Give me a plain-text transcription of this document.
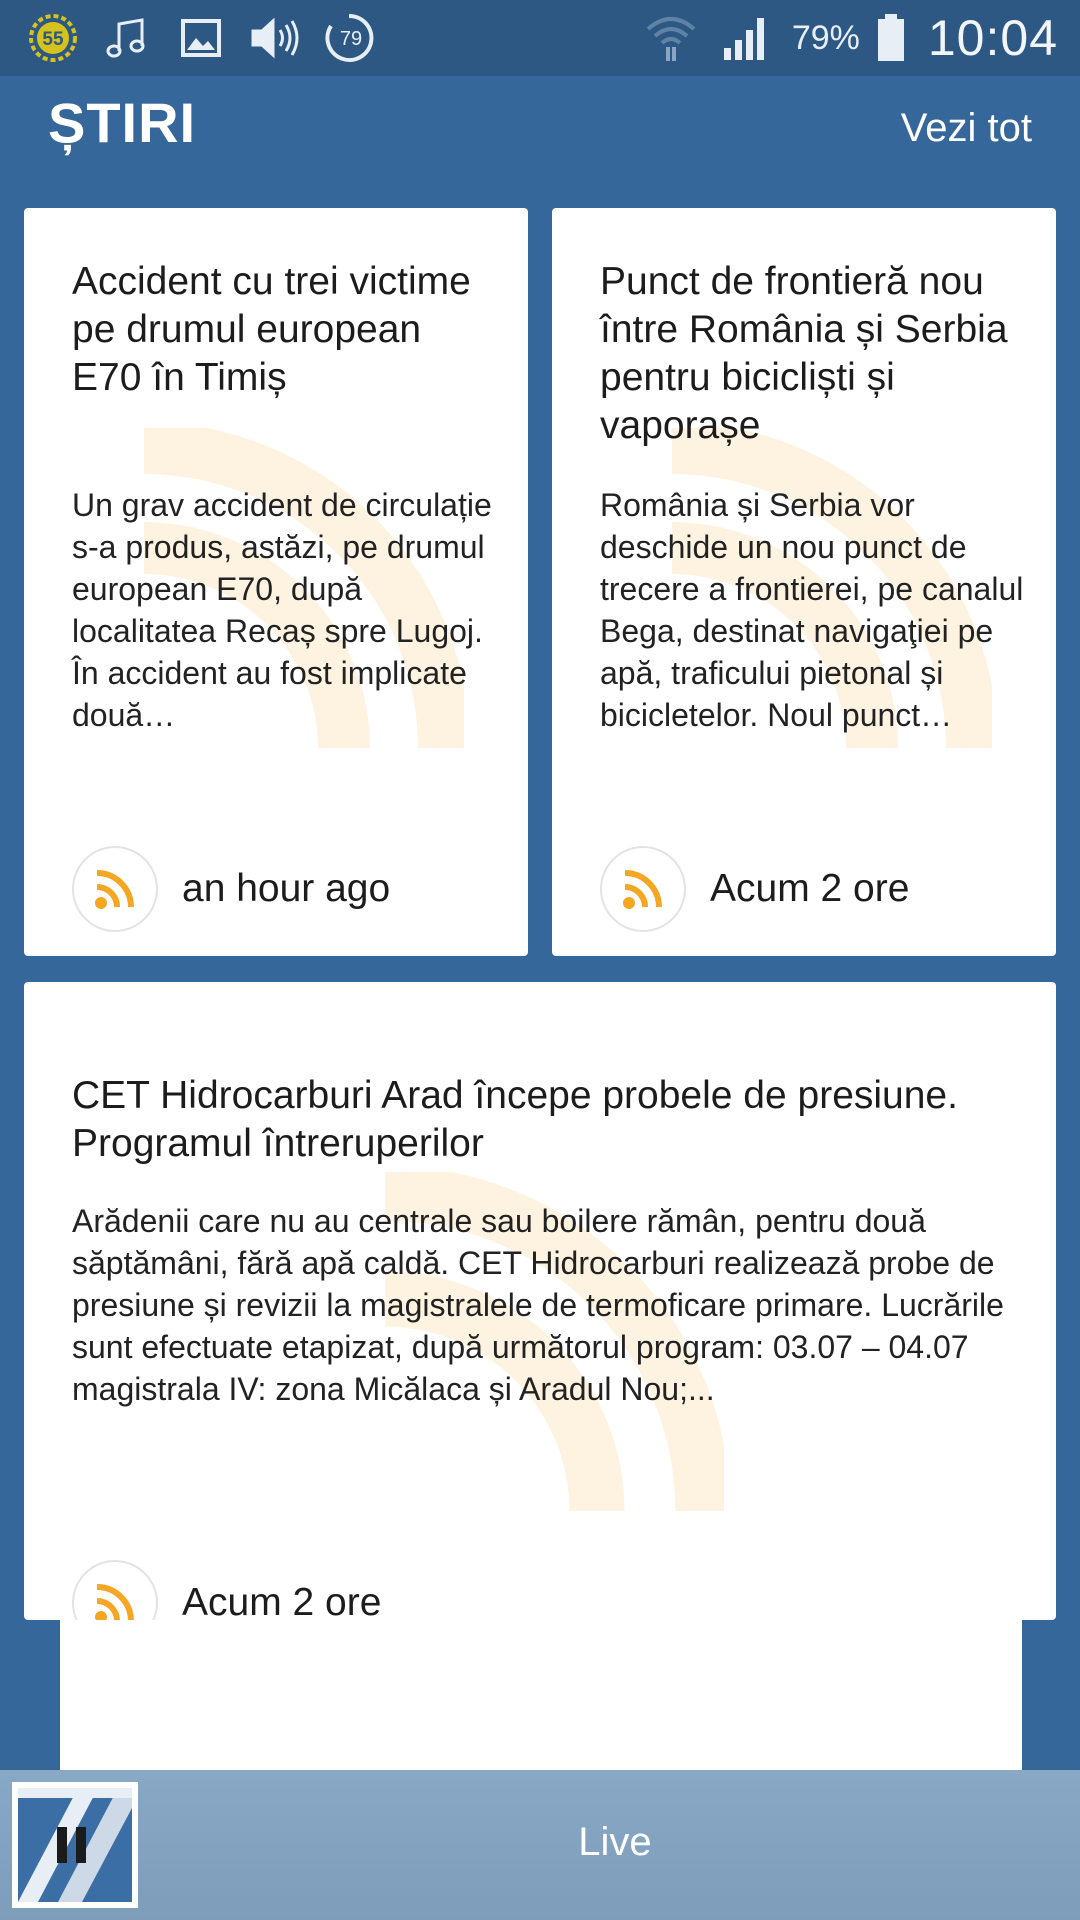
55	79	79% 10:04
ȘTIRI	Vezi tot
Accident cu trei victime pe drumul european E70 în Timiș
Un grav accident de circulație s-a produs, astăzi, pe drumul european E70, după localitatea Recaș spre Lugoj. În accident au fost implicate două…
an hour ago
Punct de frontieră nou între România și Serbia pentru bicicliști și vaporașe
România și Serbia vor deschide un nou punct de trecere a frontierei, pe canalul Bega, destinat navigaţiei pe apă, traficului pietonal și bicicletelor. Noul punct…
Acum 2 ore
CET Hidrocarburi Arad începe probele de presiune. Programul întreruperilor
Arădenii care nu au centrale sau boilere rămân, pentru două săptămâni, fără apă caldă. CET Hidrocarburi realizează probe de presiune și revizii la magistralele de termoficare primare. Lucrările sunt efectuate etapizat, după următorul program: 03.07 – 04.07 magistrala IV: zona Micălaca și Aradul Nou;...
Acum 2 ore
Live
